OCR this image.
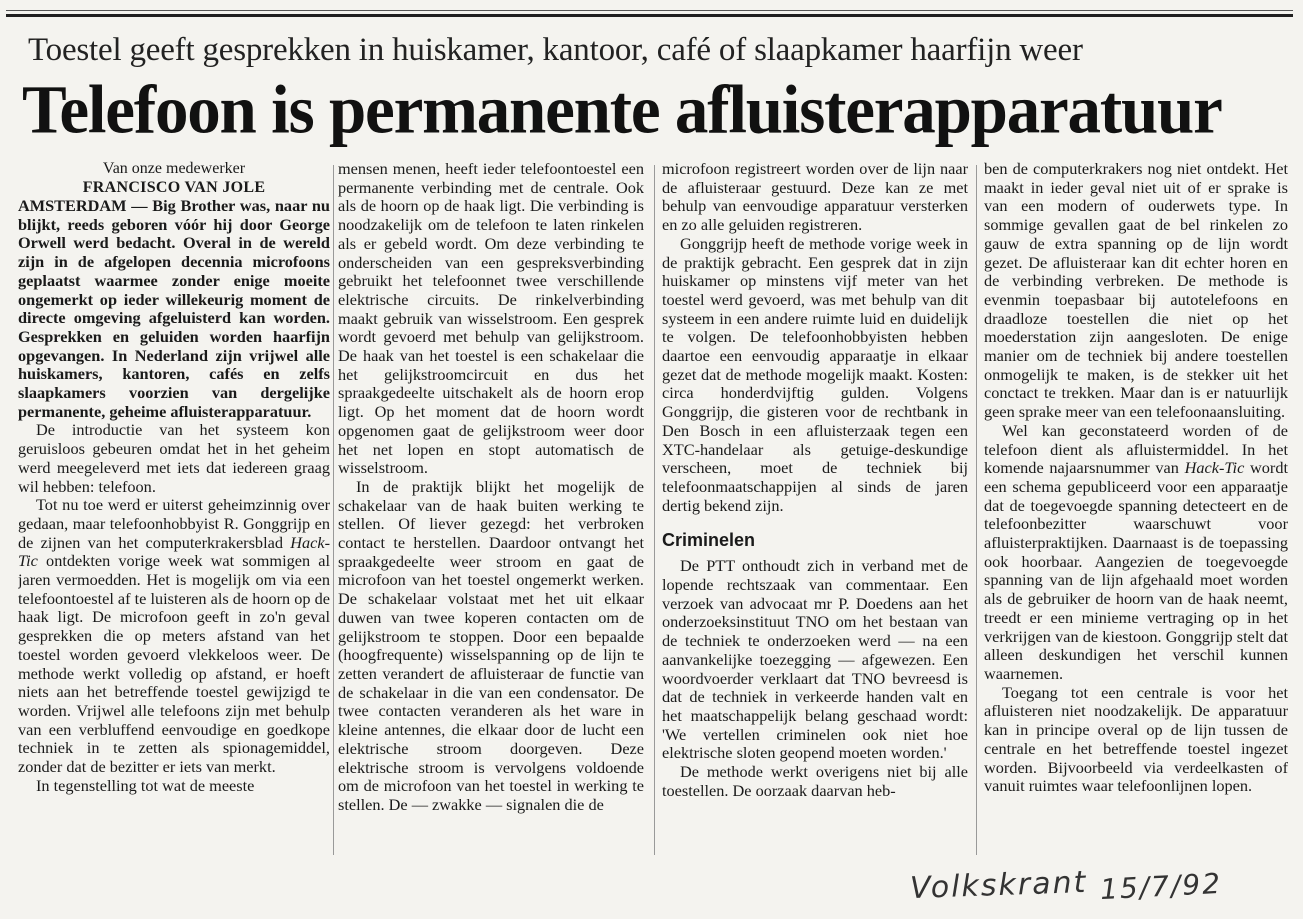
Toestel geeft gesprekken in huiskamer, kantoor, café of slaapkamer haarfijn weer
Telefoon is permanente afluisterapparatuur
Van onze medewerker
FRANCISCO VAN JOLE

AMSTERDAM — Big Brother was, naar nu blijkt, reeds geboren vóór hij door George Orwell werd bedacht. Overal in de wereld zijn in de afgelopen decennia microfoons geplaatst waarmee zonder enige moeite ongemerkt op ieder willekeurig moment de directe omgeving afgeluisterd kan worden. Gesprekken en geluiden worden haarfijn opgevangen. In Nederland zijn vrijwel alle huiskamers, kantoren, cafés en zelfs slaapkamers voorzien van dergelijke permanente, geheime afluisterapparatuur.

De introductie van het systeem kon geruisloos gebeuren omdat het in het geheim werd meegeleverd met iets dat iedereen graag wil hebben: telefoon.

Tot nu toe werd er uiterst geheimzinnig over gedaan, maar telefoonhobbyist R. Gonggrijp en de zijnen van het computerkrakersblad Hack-Tic ontdekten vorige week wat sommigen al jaren vermoedden. Het is mogelijk om via een telefoontoestel af te luisteren als de hoorn op de haak ligt. De microfoon geeft in zo'n geval gesprekken die op meters afstand van het toestel worden gevoerd vlekkeloos weer. De methode werkt volledig op afstand, er hoeft niets aan het betreffende toestel gewijzigd te worden. Vrijwel alle telefoons zijn met behulp van een verbluffend eenvoudige en goedkope techniek in te zetten als spionagemiddel, zonder dat de bezitter er iets van merkt.

In tegenstelling tot wat de meeste

mensen menen, heeft ieder telefoontoestel een permanente verbinding met de centrale. Ook als de hoorn op de haak ligt. Die verbinding is noodzakelijk om de telefoon te laten rinkelen als er gebeld wordt. Om deze verbinding te onderscheiden van een gespreksverbinding gebruikt het telefoonnet twee verschillende elektrische circuits. De rinkelverbinding maakt gebruik van wisselstroom. Een gesprek wordt gevoerd met behulp van gelijkstroom. De haak van het toestel is een schakelaar die het gelijkstroomcircuit en dus het spraakgedeelte uitschakelt als de hoorn erop ligt. Op het moment dat de hoorn wordt opgenomen gaat de gelijkstroom weer door het net lopen en stopt automatisch de wisselstroom.

In de praktijk blijkt het mogelijk de schakelaar van de haak buiten werking te stellen. Of liever gezegd: het verbroken contact te herstellen. Daardoor ontvangt het spraakgedeelte weer stroom en gaat de microfoon van het toestel ongemerkt werken. De schakelaar volstaat met het uit elkaar duwen van twee koperen contacten om de gelijkstroom te stoppen. Door een bepaalde (hoogfrequente) wisselspanning op de lijn te zetten verandert de afluisteraar de functie van de schakelaar in die van een condensator. De twee contacten veranderen als het ware in kleine antennes, die elkaar door de lucht een elektrische stroom doorgeven. Deze elektrische stroom is vervolgens voldoende om de microfoon van het toestel in werking te stellen. De — zwakke — signalen die de

microfoon registreert worden over de lijn naar de afluisteraar gestuurd. Deze kan ze met behulp van eenvoudige apparatuur versterken en zo alle geluiden registreren.

Gonggrijp heeft de methode vorige week in de praktijk gebracht. Een gesprek dat in zijn huiskamer op minstens vijf meter van het toestel werd gevoerd, was met behulp van dit systeem in een andere ruimte luid en duidelijk te volgen. De telefoonhobbyisten hebben daartoe een eenvoudig apparaatje in elkaar gezet dat de methode mogelijk maakt. Kosten: circa honderdvijftig gulden. Volgens Gonggrijp, die gisteren voor de rechtbank in Den Bosch in een afluisterzaak tegen een XTC-handelaar als getuige-deskundige verscheen, moet de techniek bij telefoonmaatschappijen al sinds de jaren dertig bekend zijn.

Criminelen

De PTT onthoudt zich in verband met de lopende rechtszaak van commentaar. Een verzoek van advocaat mr P. Doedens aan het onderzoeksinstituut TNO om het bestaan van de techniek te onderzoeken werd — na een aanvankelijke toezegging — afgewezen. Een woordvoerder verklaart dat TNO bevreesd is dat de techniek in verkeerde handen valt en het maatschappelijk belang geschaad wordt: 'We vertellen criminelen ook niet hoe elektrische sloten geopend moeten worden.'

De methode werkt overigens niet bij alle toestellen. De oorzaak daarvan heb-

ben de computerkrakers nog niet ontdekt. Het maakt in ieder geval niet uit of er sprake is van een modern of ouderwets type. In sommige gevallen gaat de bel rinkelen zo gauw de extra spanning op de lijn wordt gezet. De afluisteraar kan dit echter horen en de verbinding verbreken. De methode is evenmin toepasbaar bij autotelefoons en draadloze toestellen die niet op het moederstation zijn aangesloten. De enige manier om de techniek bij andere toestellen onmogelijk te maken, is de stekker uit het conctact te trekken. Maar dan is er natuurlijk geen sprake meer van een telefoonaansluiting.

Wel kan geconstateerd worden of de telefoon dient als afluistermiddel. In het komende najaarsnummer van Hack-Tic wordt een schema gepubliceerd voor een apparaatje dat de toegevoegde spanning detecteert en de telefoonbezitter waarschuwt voor afluisterpraktijken. Daarnaast is de toepassing ook hoorbaar. Aangezien de toegevoegde spanning van de lijn afgehaald moet worden als de gebruiker de hoorn van de haak neemt, treedt er een minieme vertraging op in het verkrijgen van de kiestoon. Gonggrijp stelt dat alleen deskundigen het verschil kunnen waarnemen.

Toegang tot een centrale is voor het afluisteren niet noodzakelijk. De apparatuur kan in principe overal op de lijn tussen de centrale en het betreffende toestel ingezet worden. Bijvoorbeeld via verdeelkasten of vanuit ruimtes waar telefoonlijnen lopen.

Volkskrant 15/7/92
